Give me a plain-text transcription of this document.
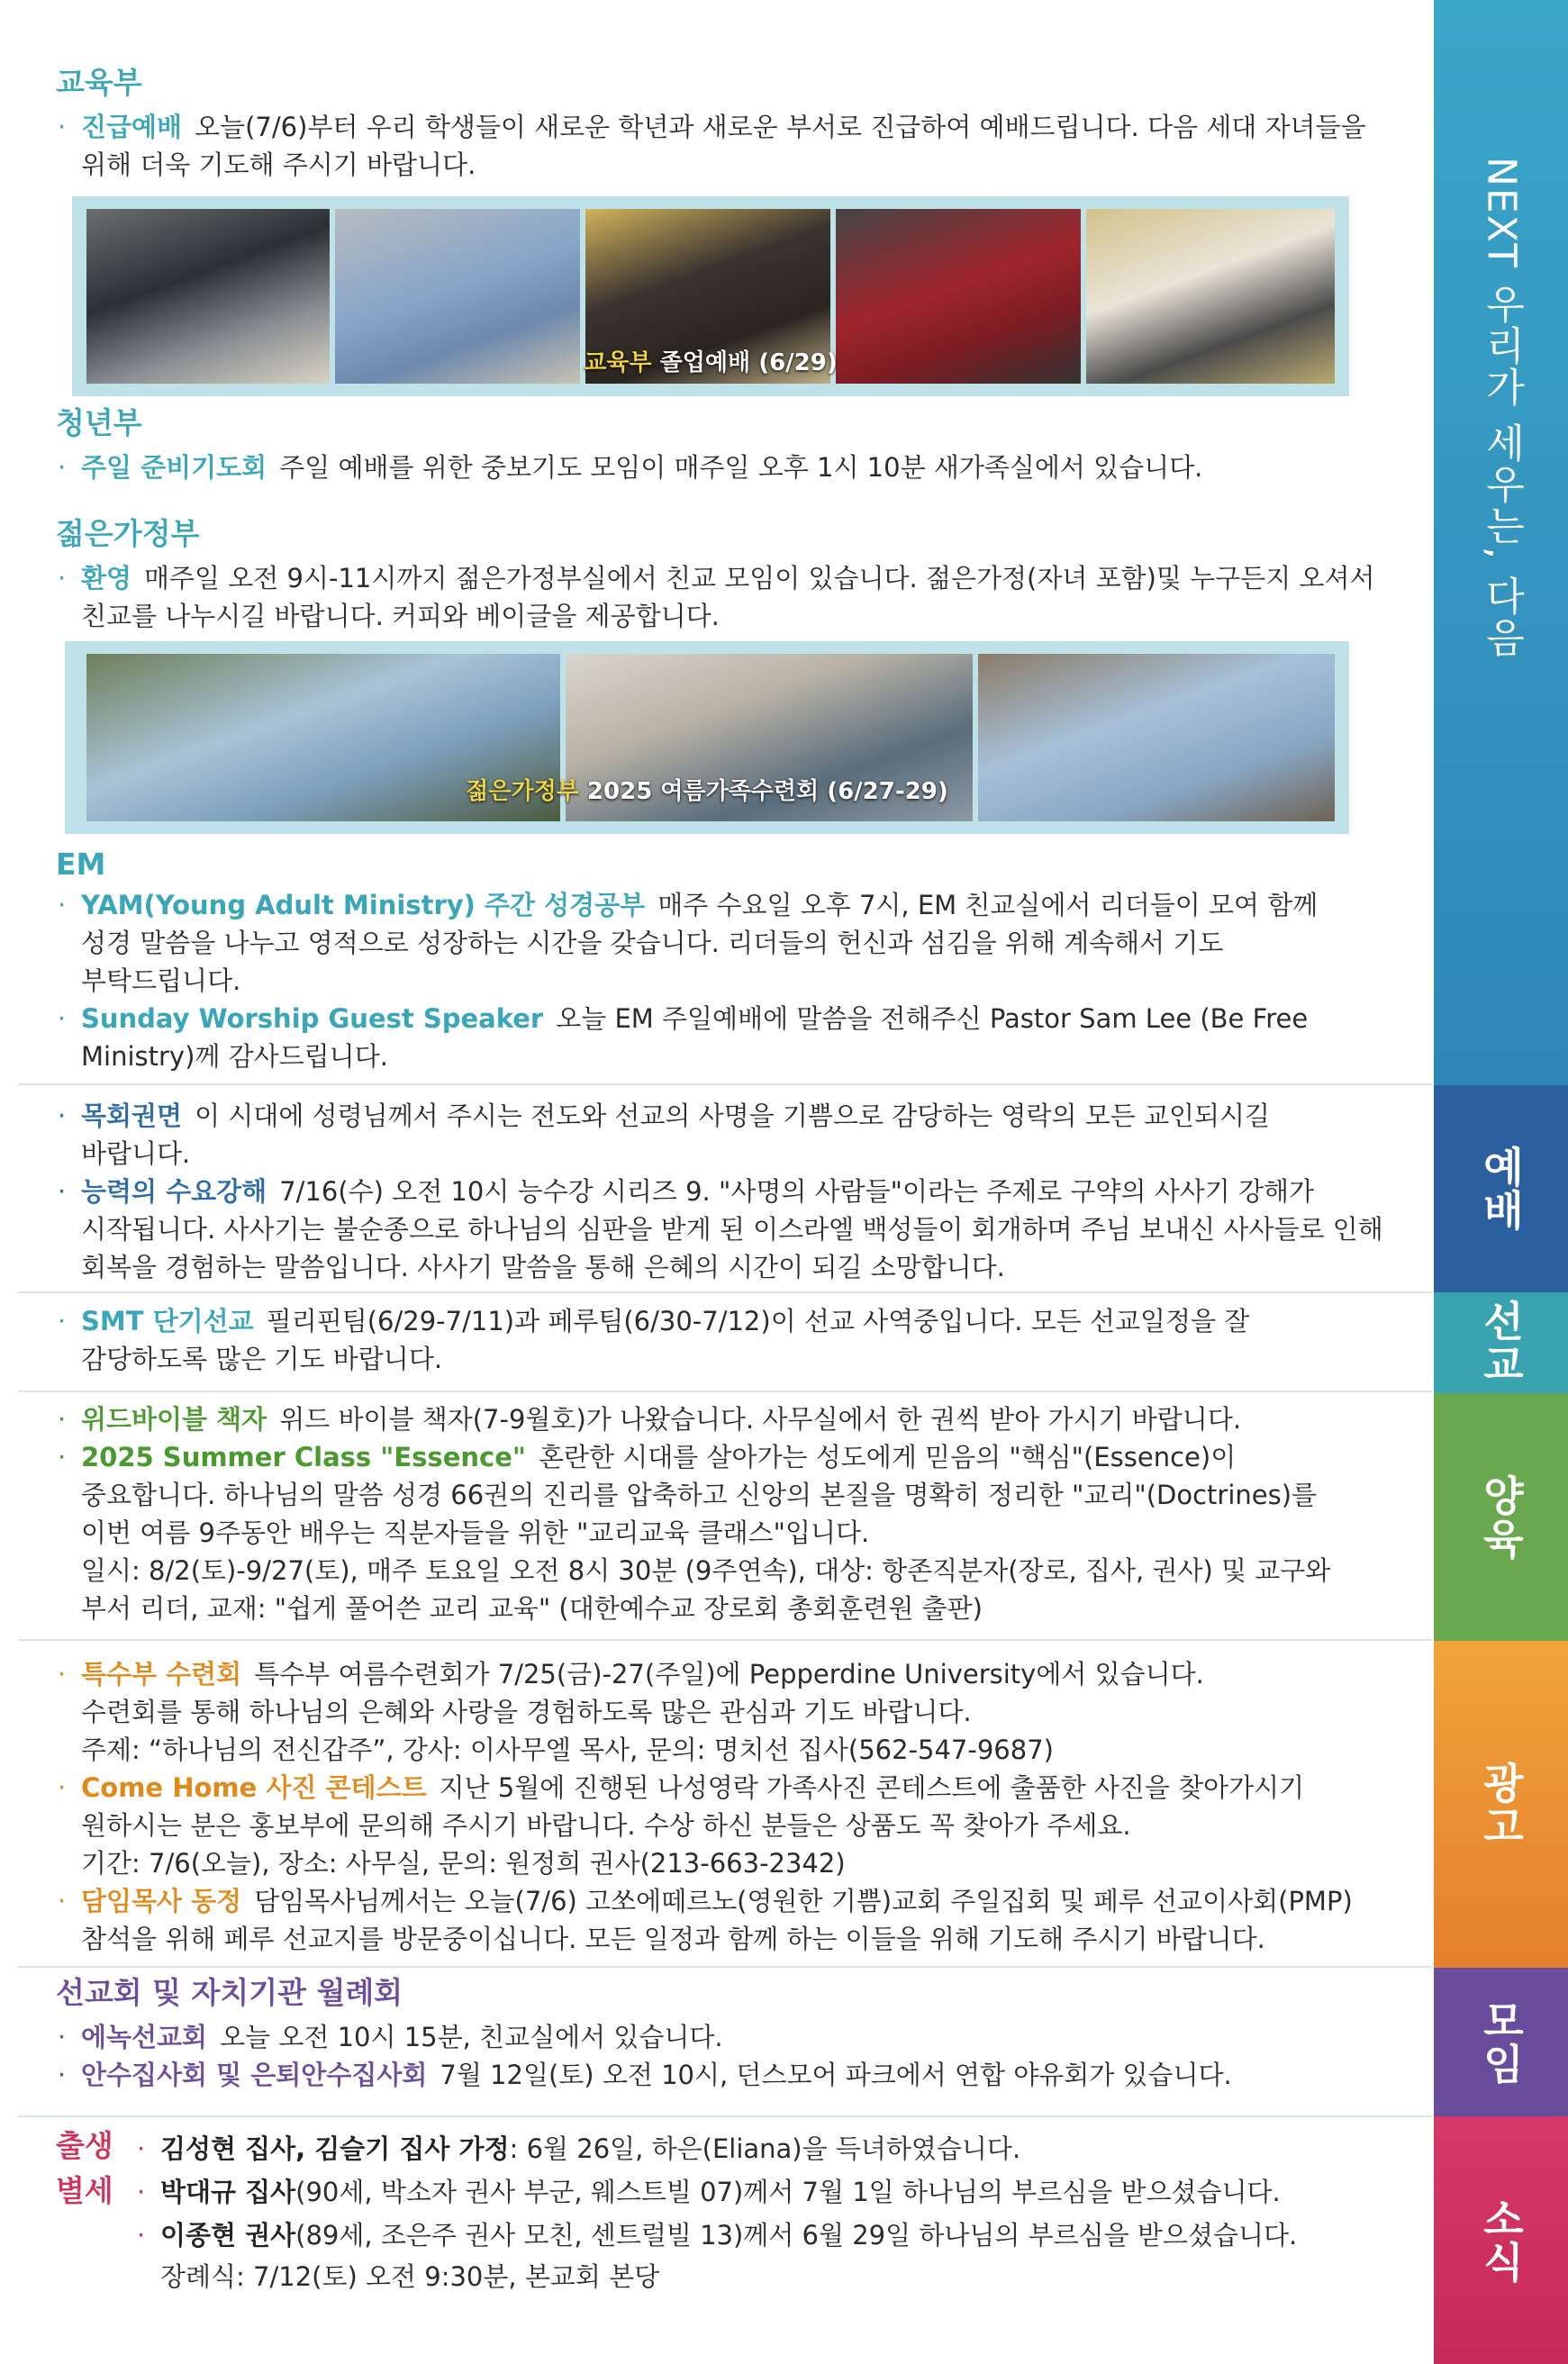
교육부

· 진급예배 오늘(7/6)부터 우리 학생들이 새로운 학년과 새로운 부서로 진급하여 예배드립니다. 다음 세대 자녀들을

위해 더욱 기도해 주시기 바랍니다.

교육부 졸업예배 (6/29)
청년부

· 주일 준비기도회 주일 예배를 위한 중보기도 모임이 매주일 오후 1시 10분 새가족실에서 있습니다.

젊은가정부

· 환영 매주일 오전 9시-11시까지 젊은가정부실에서 친교 모임이 있습니다. 젊은가정(자녀 포함)및 누구든지 오셔서

친교를 나누시길 바랍니다. 커피와 베이글을 제공합니다.

젊은가정부 2025 여름가족수련회 (6/27-29)
EM

· YAM(Young Adult Ministry) 주간 성경공부 매주 수요일 오후 7시, EM 친교실에서 리더들이 모여 함께

성경 말씀을 나누고 영적으로 성장하는 시간을 갖습니다. 리더들의 헌신과 섬김을 위해 계속해서 기도

부탁드립니다.

· Sunday Worship Guest Speaker 오늘 EM 주일예배에 말씀을 전해주신 Pastor Sam Lee (Be Free

Ministry)께 감사드립니다.

· 목회권면 이 시대에 성령님께서 주시는 전도와 선교의 사명을 기쁨으로 감당하는 영락의 모든 교인되시길

바랍니다.

· 능력의 수요강해 7/16(수) 오전 10시 능수강 시리즈 9. "사명의 사람들"이라는 주제로 구약의 사사기 강해가

시작됩니다. 사사기는 불순종으로 하나님의 심판을 받게 된 이스라엘 백성들이 회개하며 주님 보내신 사사들로 인해

회복을 경험하는 말씀입니다. 사사기 말씀을 통해 은혜의 시간이 되길 소망합니다.

· SMT 단기선교 필리핀팀(6/29-7/11)과 페루팀(6/30-7/12)이 선교 사역중입니다. 모든 선교일정을 잘

감당하도록 많은 기도 바랍니다.

· 위드바이블 책자 위드 바이블 책자(7-9월호)가 나왔습니다. 사무실에서 한 권씩 받아 가시기 바랍니다.

· 2025 Summer Class "Essence" 혼란한 시대를 살아가는 성도에게 믿음의 "핵심"(Essence)이

중요합니다. 하나님의 말씀 성경 66권의 진리를 압축하고 신앙의 본질을 명확히 정리한 "교리"(Doctrines)를

이번 여름 9주동안 배우는 직분자들을 위한 "교리교육 클래스"입니다.

일시: 8/2(토)-9/27(토), 매주 토요일 오전 8시 30분 (9주연속), 대상: 항존직분자(장로, 집사, 권사) 및 교구와

부서 리더, 교재: "쉽게 풀어쓴 교리 교육" (대한예수교 장로회 총회훈련원 출판)

· 특수부 수련회 특수부 여름수련회가 7/25(금)-27(주일)에 Pepperdine University에서 있습니다.

수련회를 통해 하나님의 은혜와 사랑을 경험하도록 많은 관심과 기도 바랍니다.

주제: “하나님의 전신갑주”, 강사: 이사무엘 목사, 문의: 명치선 집사(562-547-9687)

· Come Home 사진 콘테스트 지난 5월에 진행된 나성영락 가족사진 콘테스트에 출품한 사진을 찾아가시기

원하시는 분은 홍보부에 문의해 주시기 바랍니다. 수상 하신 분들은 상품도 꼭 찾아가 주세요.

기간: 7/6(오늘), 장소: 사무실, 문의: 원정희 권사(213-663-2342)

· 담임목사 동정 담임목사님께서는 오늘(7/6) 고쏘에떼르노(영원한 기쁨)교회 주일집회 및 페루 선교이사회(PMP)

참석을 위해 페루 선교지를 방문중이십니다. 모든 일정과 함께 하는 이들을 위해 기도해 주시기 바랍니다.

선교회 및 자치기관 월례회

· 에녹선교회 오늘 오전 10시 15분, 친교실에서 있습니다.

· 안수집사회 및 은퇴안수집사회 7월 12일(토) 오전 10시, 던스모어 파크에서 연합 야유회가 있습니다.

출생
별세

· 김성현 집사, 김슬기 집사 가정: 6월 26일, 하은(Eliana)을 득녀하였습니다.

· 박대규 집사(90세, 박소자 권사 부군, 웨스트빌 07)께서 7월 1일 하나님의 부르심을 받으셨습니다.

· 이종현 권사(89세, 조은주 권사 모친, 센트럴빌 13)께서 6월 29일 하나님의 부르심을 받으셨습니다.

장례식: 7/12(토) 오전 9:30분, 본교회 본당

NEXT 우리가 세우는, 다음
예배
선교
양육
광고
모임
소식
